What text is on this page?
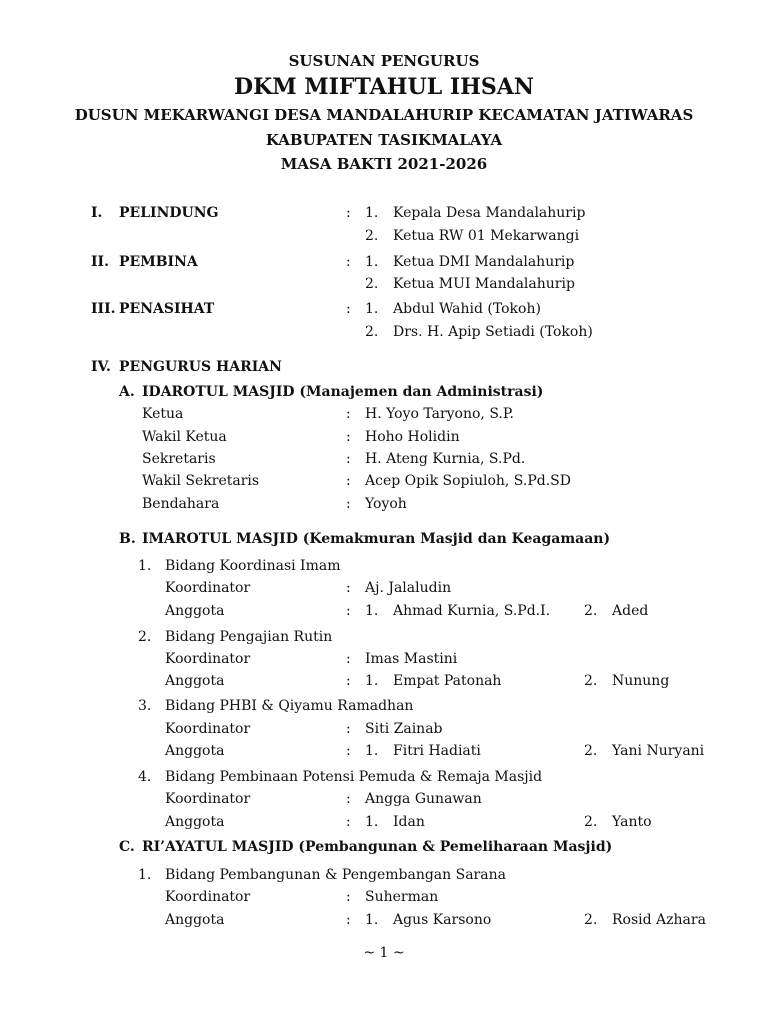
SUSUNAN PENGURUS
DKM MIFTAHUL IHSAN
DUSUN MEKARWANGI DESA MANDALAHURIP KECAMATAN JATIWARAS
KABUPATEN TASIKMALAYA
MASA BAKTI 2021-2026
I. PELINDUNG	: 1. Kepala Desa Mandalahurip
2. Ketua RW 01 Mekarwangi
II. PEMBINA	: 1. Ketua DMI Mandalahurip
2. Ketua MUI Mandalahurip
III. PENASIHAT	: 1. Abdul Wahid (Tokoh)
2. Drs. H. Apip Setiadi (Tokoh)
IV. PENGURUS HARIAN
A. IDAROTUL MASJID (Manajemen dan Administrasi)
Ketua	: H. Yoyo Taryono, S.P.
Wakil Ketua	: Hoho Holidin
Sekretaris	: H. Ateng Kurnia, S.Pd.
Wakil Sekretaris	: Acep Opik Sopiuloh, S.Pd.SD
Bendahara	: Yoyoh
B. IMAROTUL MASJID (Kemakmuran Masjid dan Keagamaan)
1. Bidang Koordinasi Imam
Koordinator	: Aj. Jalaludin
Anggota	: 1. Ahmad Kurnia, S.Pd.I. 2. Aded
2. Bidang Pengajian Rutin
Koordinator	: Imas Mastini
Anggota	: 1. Empat Patonah	2. Nunung
3. Bidang PHBI & Qiyamu Ramadhan
Koordinator	: Siti Zainab
Anggota	: 1. Fitri Hadiati	2. Yani Nuryani
4. Bidang Pembinaan Potensi Pemuda & Remaja Masjid
Koordinator	: Angga Gunawan
Anggota	: 1. Idan	2. Yanto
C. RI’AYATUL MASJID (Pembangunan & Pemeliharaan Masjid)
1. Bidang Pembangunan & Pengembangan Sarana
Koordinator	: Suherman
Anggota	: 1. Agus Karsono	2. Rosid Azhara
~ 1 ~
